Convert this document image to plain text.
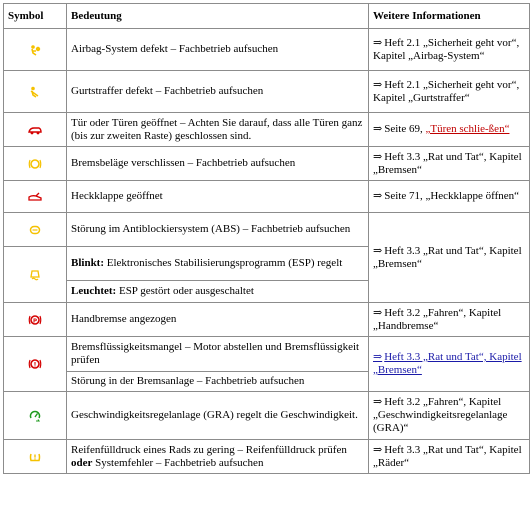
Symbol	Bedeutung	Weitere Informationen

	Airbag-System defekt – Fachbetrieb aufsuchen	⇒ Heft 2.1 „Sicherheit geht vor“, Kapitel „Airbag-System“

	Gurtstraffer defekt – Fachbetrieb aufsuchen	⇒ Heft 2.1 „Sicherheit geht vor“, Kapitel „Gurtstraffer“

	Tür oder Türen geöffnet – Achten Sie darauf, dass alle Türen ganz (bis zur zweiten Raste) geschlossen sind.	⇒ Seite 69, „Türen schlie-ßen“

	Bremsbeläge verschlissen – Fachbetrieb aufsuchen	⇒ Heft 3.3 „Rat und Tat“, Kapitel „Bremsen“

	Heckklappe geöffnet	⇒ Seite 71, „Heckklappe öffnen“

	Störung im Antiblockiersystem (ABS) – Fachbetrieb aufsuchen	⇒ Heft 3.3 „Rat und Tat“, Kapitel „Bremsen“

	Blinkt: Elektronisches Stabilisierungsprogramm (ESP) regelt	
	Leuchtet: ESP gestört oder ausgeschaltet	

P	Handbremse angezogen	⇒ Heft 3.2 „Fahren“, Kapitel „Handbremse“

!	Bremsflüssigkeitsmangel – Motor abstellen und Bremsflüssigkeit prüfen	⇒ Heft 3.3 „Rat und Tat“, Kapitel „Bremsen“
	Störung in der Bremsanlage – Fachbetrieb aufsuchen	

	Geschwindigkeitsregelanlage (GRA) regelt die Geschwindigkeit.	⇒ Heft 3.2 „Fahren“, Kapitel „Geschwindigkeitsregelanlage (GRA)“

	Reifenfülldruck eines Rads zu gering – Reifenfülldruck prüfen oder Systemfehler – Fachbetrieb aufsuchen	⇒ Heft 3.3 „Rat und Tat“, Kapitel „Räder“
